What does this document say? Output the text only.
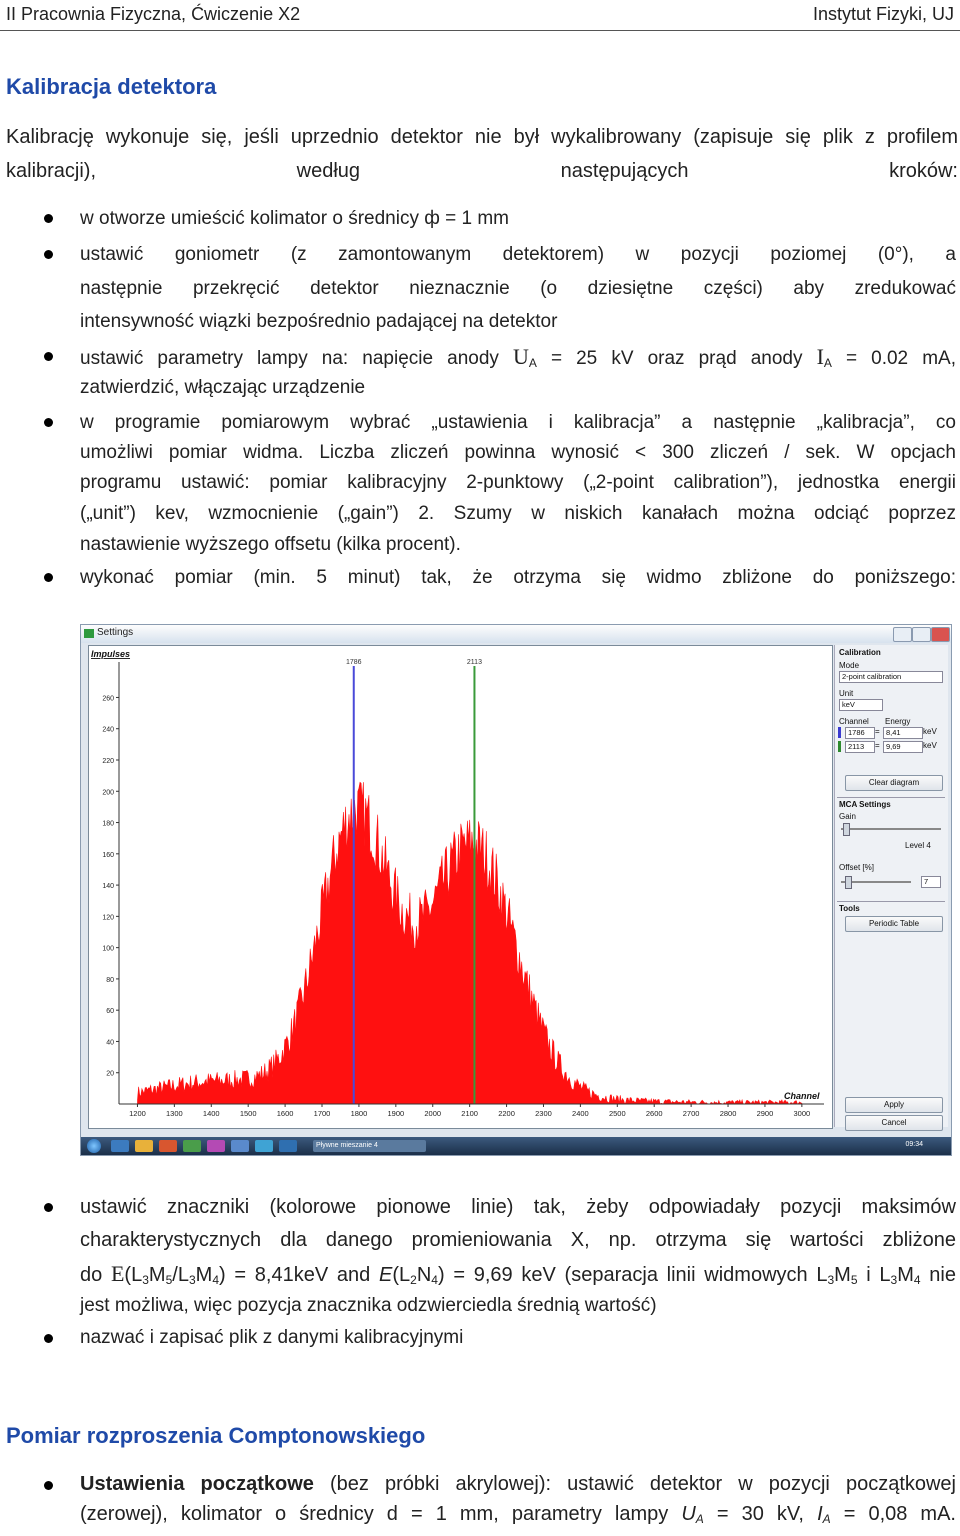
II Pracownia Fizyczna, Ćwiczenie X2	Instytut Fizyki, UJ
Kalibracja detektora
Kalibrację wykonuje się, jeśli uprzednio detektor nie był wykalibrowany (zapisuje się plik z profilem kalibracji), według następujących kroków:
w otworze umieścić kolimator o średnicy ф = 1 mm
ustawić goniometr (z zamontowanym detektorem) w pozycji poziomej (0°), a
następnie przekręcić detektor nieznacznie (o dziesiętne części) aby zredukować
intensywność wiązki bezpośrednio padającej na detektor
ustawić parametry lampy na: napięcie anody $U_A = 25$ kV oraz prąd anody $I_A = 0.02$ mA,
zatwierdzić, włączając urządzenie
w programie pomiarowym wybrać „ustawienia i kalibracja” a następnie „kalibracja”, co
umożliwi pomiar widma. Liczba zliczeń powinna wynosić < 300 zliczeń / sek. W opcjach
programu ustawić: pomiar kalibracyjny 2-punktowy („2-point calibration”), jednostka energii
(„unit”) kev, wzmocnienie („gain”) 2. Szumy w niskich kanałach można odciąć poprzez
nastawienie wyższego offsetu (kilka procent).
wykonać pomiar (min. 5 minut) tak, że otrzyma się widmo zbliżone do poniższego:
Settings
1786	2113
260
240
220
200
180
160
140
120
100
80
60
40
20
1200	1300	1400	1500	1600	1700	1800	1900	2000	2100	2200	2300	2400	2500	2600	2700	2800	2900	3000
Impulses
Channel
Calibration
Mode
2-point calibration
Unit
keV
Channel Energy
1786	= 8,41	keV
2113	= 9,69	keV
Clear diagram
MCA Settings
Gain
Level 4
Offset [%]
7
Tools
Periodic Table
Apply
Cancel
Pływne mieszanie 4	09:34
ustawić znaczniki (kolorowe pionowe linie) tak, żeby odpowiadały pozycji maksimów
charakterystycznych dla danego promieniowania X, np. otrzyma się wartości zbliżone
do $E(L_3M_5/L_3M_4) = 8,41keV$ and $E(L_2N_4) = 9,69$ keV (separacja linii widmowych $L_3M_5$ i $L_3M_4$ nie
jest możliwa, więc pozycja znacznika odzwierciedla średnią wartość)
nazwać i zapisać plik z danymi kalibracyjnymi
Pomiar rozproszenia Comptonowskiego
Ustawienia początkowe (bez próbki akrylowej): ustawić detektor w pozycji początkowej
(zerowej), kolimator o średnicy d = 1 mm, parametry lampy $U_A = 30$ kV, $I_A = 0,08$ mA.
